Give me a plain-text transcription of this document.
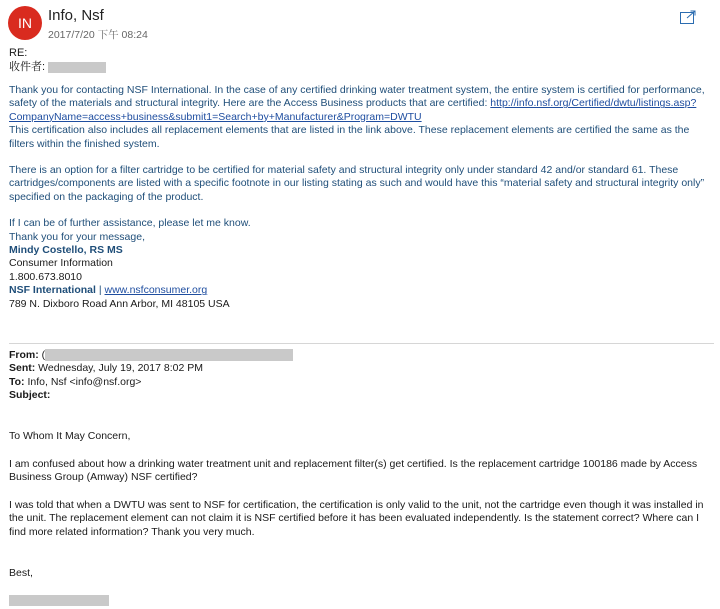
IN	Info, Nsf
2017/7/20 下午 08:24
RE:
收件者:

Thank you for contacting NSF International. In the case of any certified drinking water treatment system, the entire system is certified for performance, safety of the materials and structural integrity. Here are the Access Business products that are certified: http://info.nsf.org/Certified/dwtu/listings.asp?CompanyName=access+business&submit1=Search+by+Manufacturer&Program=DWTU

This certification also includes all replacement elements that are listed in the link above. These replacement elements are certified the same as the filters within the finished system.

There is an option for a filter cartridge to be certified for material safety and structural integrity only under standard 42 and/or standard 61. These cartridges/components are listed with a specific footnote in our listing stating as such and would have this “material safety and structural integrity only” specified on the packaging of the product.

If I can be of further assistance, please let me know.

Thank you for your message,

Mindy Costello, RS MS

Consumer Information

1.800.673.8010

NSF International | www.nsfconsumer.org

789 N. Dixboro Road Ann Arbor, MI 48105 USA

From: (
Sent: Wednesday, July 19, 2017 8:02 PM
To: Info, Nsf <info@nsf.org>
Subject:

To Whom It May Concern,

I am confused about how a drinking water treatment unit and replacement filter(s) get certified. Is the replacement cartridge 100186 made by Access Business Group (Amway) NSF certified?

I was told that when a DWTU was sent to NSF for certification, the certification is only valid to the unit, not the cartridge even though it was installed in the unit. The replacement element can not claim it is NSF certified before it has been evaluated independently. Is the statement correct? Where can I find more related information? Thank you very much.

Best,
